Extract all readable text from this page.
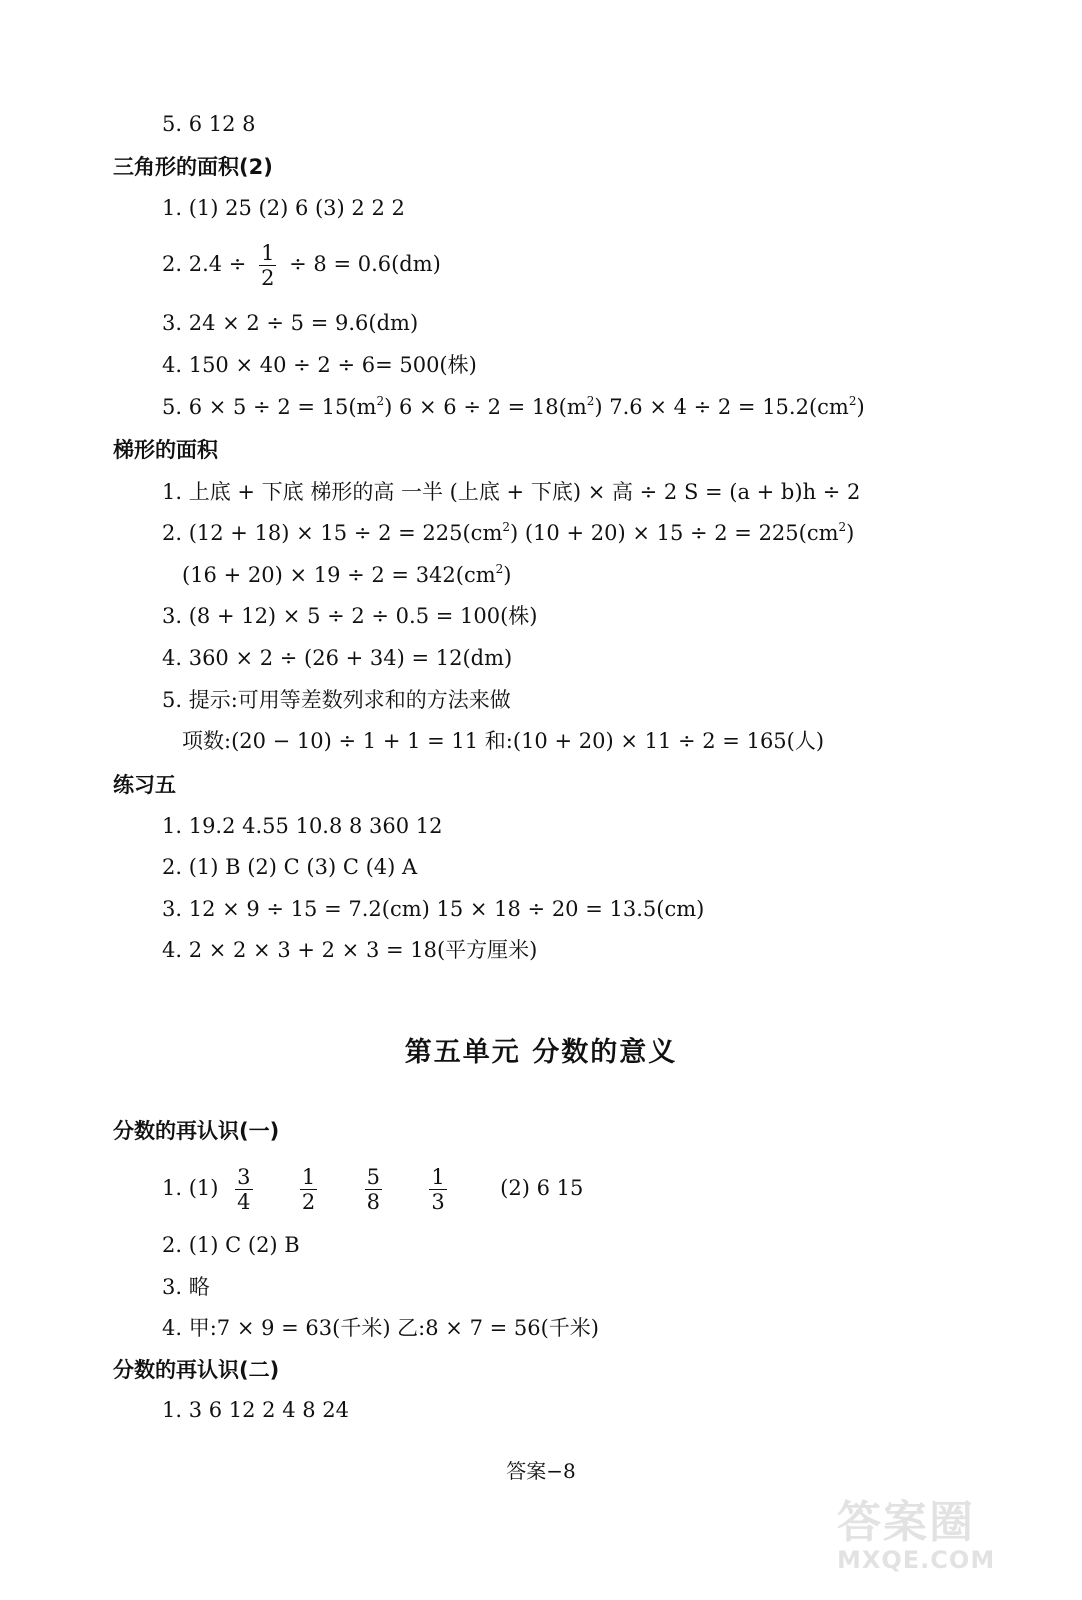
5. 6 12 8
三角形的面积(2)
1. (1) 25 (2) 6 (3) 2 2 2
2. $2.4 \div \frac{1}{2} \div 8 = 0.6(dm)$
3. 24 × 2 ÷ 5 = 9.6(dm)
4. 150 × 40 ÷ 2 ÷ 6= 500(株)
5. $6 \times 5 \div 2 = 15(m^2) 6 \times 6 \div 2 = 18(m^2) 7.6 \times 4 \div 2 = 15.2(cm^2)$
梯形的面积
1. 上底 + 下底 梯形的高 一半 (上底 + 下底) × 高 ÷ 2 S = (a + b)h ÷ 2
2. $(12 + 18) \times 15 \div 2 = 225(cm^2) (10 + 20) \times 15 \div 2 = 225(cm^2)$
$(16 + 20) \times 19 \div 2 = 342(cm^2)$
3. (8 + 12) × 5 ÷ 2 ÷ 0.5 = 100(株)
4. 360 × 2 ÷ (26 + 34) = 12(dm)
5. 提示:可用等差数列求和的方法来做
项数:(20 − 10) ÷ 1 + 1 = 11 和:(10 + 20) × 11 ÷ 2 = 165(人)
练习五
1. 19.2 4.55 10.8 8 360 12
2. (1) B (2) C (3) C (4) A
3. 12 × 9 ÷ 15 = 7.2(cm) 15 × 18 ÷ 20 = 13.5(cm)
4. 2 × 2 × 3 + 2 × 3 = 18(平方厘米)
第五单元 分数的意义
分数的再认识(一)
1. $(1) \frac{3}{4}$
$\frac{1}{2}$
$\frac{5}{8}$
$\frac{1}{3}$	(2) 6 15
2. (1) C (2) B
3. 略
4. 甲:7 × 9 = 63(千米) 乙:8 × 7 = 56(千米)
分数的再认识(二)
1. 3 6 12 2 4 8 24
答案−8
答案圈
MXQE.COM
